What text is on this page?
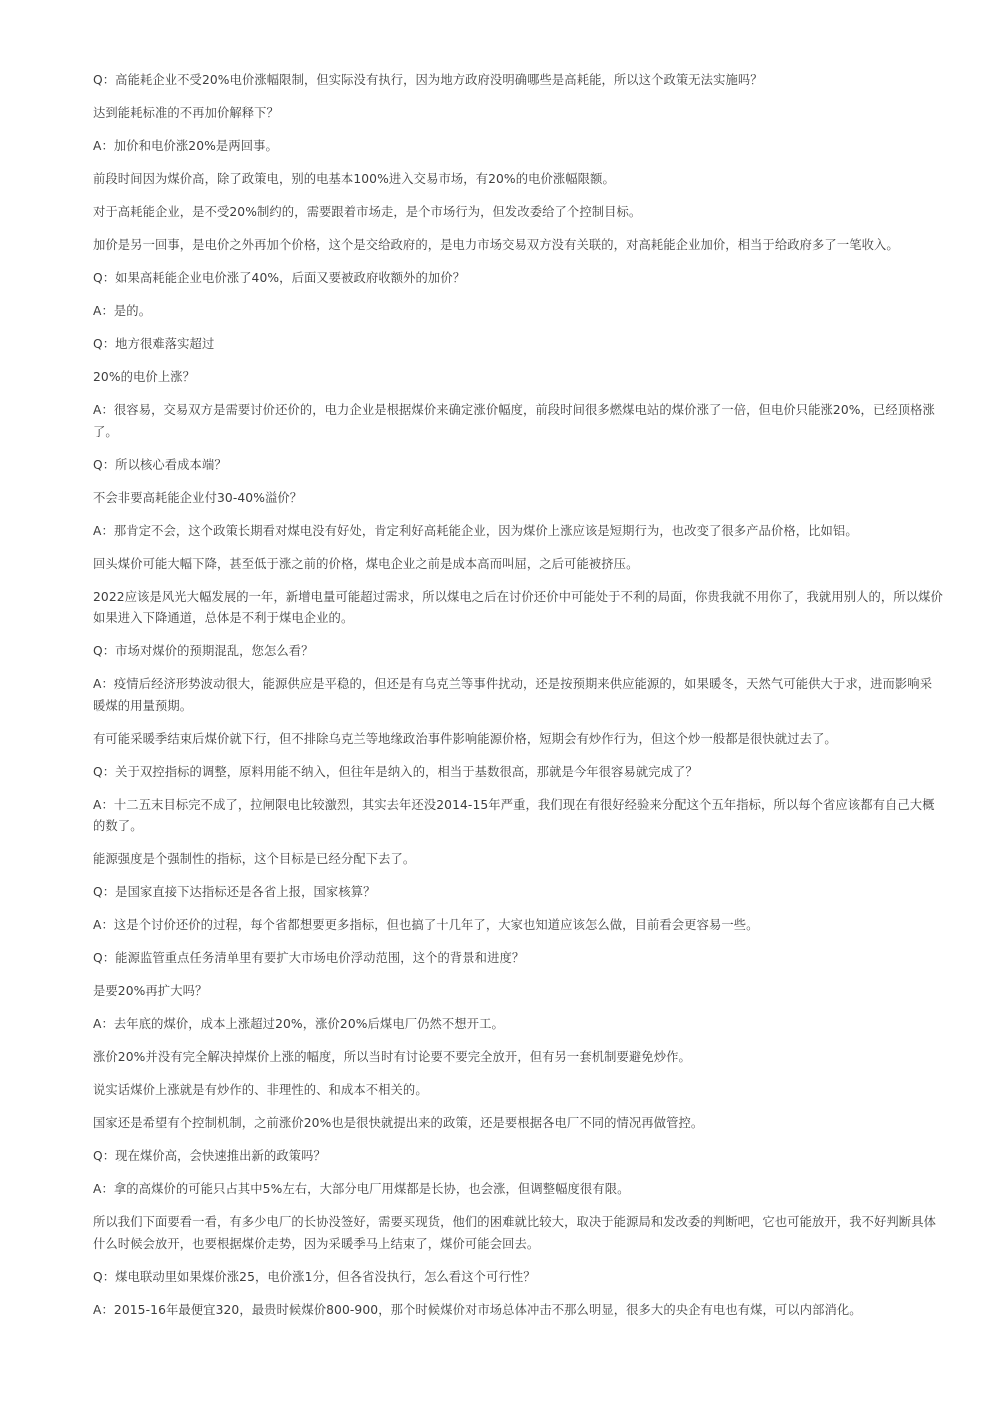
Q：高能耗企业不受20%电价涨幅限制，但实际没有执行，因为地方政府没明确哪些是高耗能，所以这个政策无法实施吗？

达到能耗标准的不再加价解释下？

A：加价和电价涨20%是两回事。

前段时间因为煤价高，除了政策电，别的电基本100%进入交易市场，有20%的电价涨幅限额。

对于高耗能企业，是不受20%制约的，需要跟着市场走，是个市场行为，但发改委给了个控制目标。

加价是另一回事，是电价之外再加个价格，这个是交给政府的，是电力市场交易双方没有关联的，对高耗能企业加价，相当于给政府多了一笔收入。

Q：如果高耗能企业电价涨了40%，后面又要被政府收额外的加价？

A：是的。

Q：地方很难落实超过

20%的电价上涨？

A：很容易，交易双方是需要讨价还价的，电力企业是根据煤价来确定涨价幅度，前段时间很多燃煤电站的煤价涨了一倍，但电价只能涨20%，已经顶格涨了。

Q：所以核心看成本端？

不会非要高耗能企业付30-40%溢价？

A：那肯定不会，这个政策长期看对煤电没有好处，肯定利好高耗能企业，因为煤价上涨应该是短期行为，也改变了很多产品价格，比如铝。

回头煤价可能大幅下降，甚至低于涨之前的价格，煤电企业之前是成本高而叫屈，之后可能被挤压。

2022应该是风光大幅发展的一年，新增电量可能超过需求，所以煤电之后在讨价还价中可能处于不利的局面，你贵我就不用你了，我就用别人的，所以煤价如果进入下降通道，总体是不利于煤电企业的。

Q：市场对煤价的预期混乱，您怎么看？

A：疫情后经济形势波动很大，能源供应是平稳的，但还是有乌克兰等事件扰动，还是按预期来供应能源的，如果暖冬，天然气可能供大于求，进而影响采暖煤的用量预期。

有可能采暖季结束后煤价就下行，但不排除乌克兰等地缘政治事件影响能源价格，短期会有炒作行为，但这个炒一般都是很快就过去了。

Q：关于双控指标的调整，原料用能不纳入，但往年是纳入的，相当于基数很高，那就是今年很容易就完成了？

A：十二五末目标完不成了，拉闸限电比较激烈，其实去年还没2014-15年严重，我们现在有很好经验来分配这个五年指标，所以每个省应该都有自己大概的数了。

能源强度是个强制性的指标，这个目标是已经分配下去了。

Q：是国家直接下达指标还是各省上报，国家核算？

A：这是个讨价还价的过程，每个省都想要更多指标，但也搞了十几年了，大家也知道应该怎么做，目前看会更容易一些。

Q：能源监管重点任务清单里有要扩大市场电价浮动范围，这个的背景和进度？

是要20%再扩大吗？

A：去年底的煤价，成本上涨超过20%，涨价20%后煤电厂仍然不想开工。

涨价20%并没有完全解决掉煤价上涨的幅度，所以当时有讨论要不要完全放开，但有另一套机制要避免炒作。

说实话煤价上涨就是有炒作的、非理性的、和成本不相关的。

国家还是希望有个控制机制，之前涨价20%也是很快就提出来的政策，还是要根据各电厂不同的情况再做管控。

Q：现在煤价高，会快速推出新的政策吗？

A：拿的高煤价的可能只占其中5%左右，大部分电厂用煤都是长协，也会涨，但调整幅度很有限。

所以我们下面要看一看，有多少电厂的长协没签好，需要买现货，他们的困难就比较大，取决于能源局和发改委的判断吧，它也可能放开，我不好判断具体什么时候会放开，也要根据煤价走势，因为采暖季马上结束了，煤价可能会回去。

Q：煤电联动里如果煤价涨25，电价涨1分，但各省没执行，怎么看这个可行性？

A：2015-16年最便宜320，最贵时候煤价800-900，那个时候煤价对市场总体冲击不那么明显，很多大的央企有电也有煤，可以内部消化。
